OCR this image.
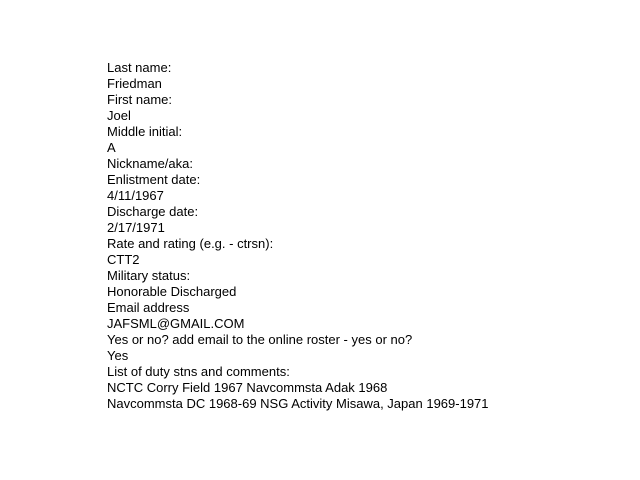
Last name:
Friedman
First name:
Joel
Middle initial:
A
Nickname/aka:
Enlistment date:
4/11/1967
Discharge date:
2/17/1971
Rate and rating (e.g. - ctrsn):
CTT2
Military status:
Honorable Discharged
Email address
JAFSML@GMAIL.COM
Yes or no? add email to the online roster - yes or no?
Yes
List of duty stns and comments:
NCTC Corry Field 1967 Navcommsta Adak 1968
Navcommsta DC 1968-69 NSG Activity Misawa, Japan 1969-1971
